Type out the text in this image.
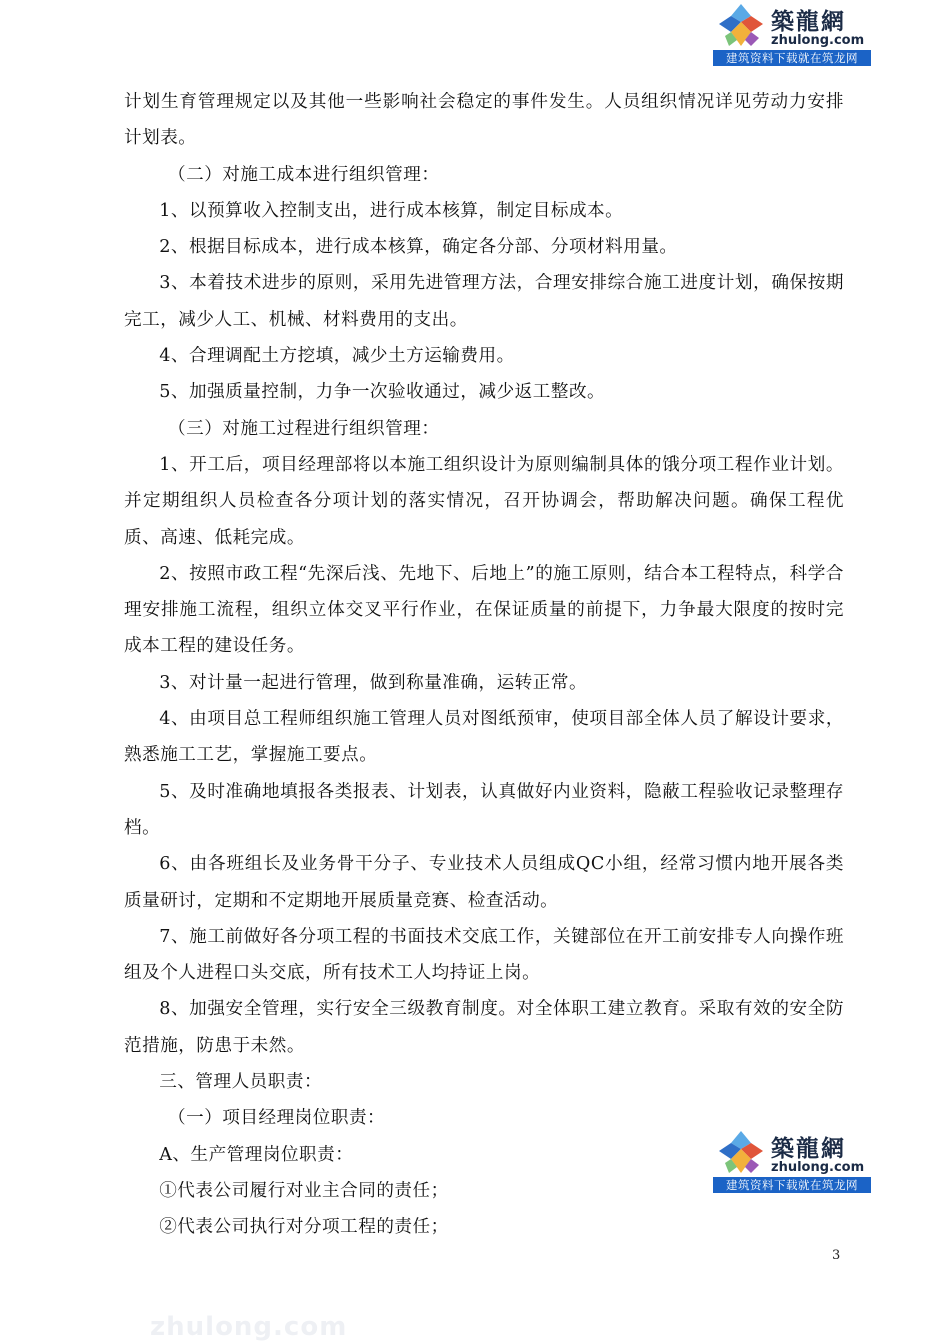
築龍網
zhulong.com
建筑资料下载就在筑龙网
築龍網
zhulong.com
建筑资料下载就在筑龙网

计划生育管理规定以及其他一些影响社会稳定的事件发生。人员组织情况详见劳动力安排计划表。

（二）对施工成本进行组织管理：

1、以预算收入控制支出，进行成本核算，制定目标成本。

2、根据目标成本，进行成本核算，确定各分部、分项材料用量。

3、本着技术进步的原则，采用先进管理方法，合理安排综合施工进度计划，确保按期完工，减少人工、机械、材料费用的支出。

4、合理调配土方挖填，减少土方运输费用。

5、加强质量控制，力争一次验收通过，减少返工整改。

（三）对施工过程进行组织管理：

1、开工后，项目经理部将以本施工组织设计为原则编制具体的饿分项工程作业计划。并定期组织人员检查各分项计划的落实情况，召开协调会，帮助解决问题。确保工程优质、高速、低耗完成。

2、按照市政工程“先深后浅、先地下、后地上”的施工原则，结合本工程特点，科学合理安排施工流程，组织立体交叉平行作业，在保证质量的前提下，力争最大限度的按时完成本工程的建设任务。

3、对计量一起进行管理，做到称量准确，运转正常。

4、由项目总工程师组织施工管理人员对图纸预审，使项目部全体人员了解设计要求，熟悉施工工艺，掌握施工要点。

5、及时准确地填报各类报表、计划表，认真做好内业资料，隐蔽工程验收记录整理存档。

6、由各班组长及业务骨干分子、专业技术人员组成QC小组，经常习惯内地开展各类质量研讨，定期和不定期地开展质量竞赛、检查活动。

7、施工前做好各分项工程的书面技术交底工作，关键部位在开工前安排专人向操作班组及个人进程口头交底，所有技术工人均持证上岗。

8、加强安全管理，实行安全三级教育制度。对全体职工建立教育。采取有效的安全防范措施，防患于未然。

三、管理人员职责：

（一）项目经理岗位职责：

A、生产管理岗位职责：

①代表公司履行对业主合同的责任；

②代表公司执行对分项工程的责任；

3
zhulong.com
